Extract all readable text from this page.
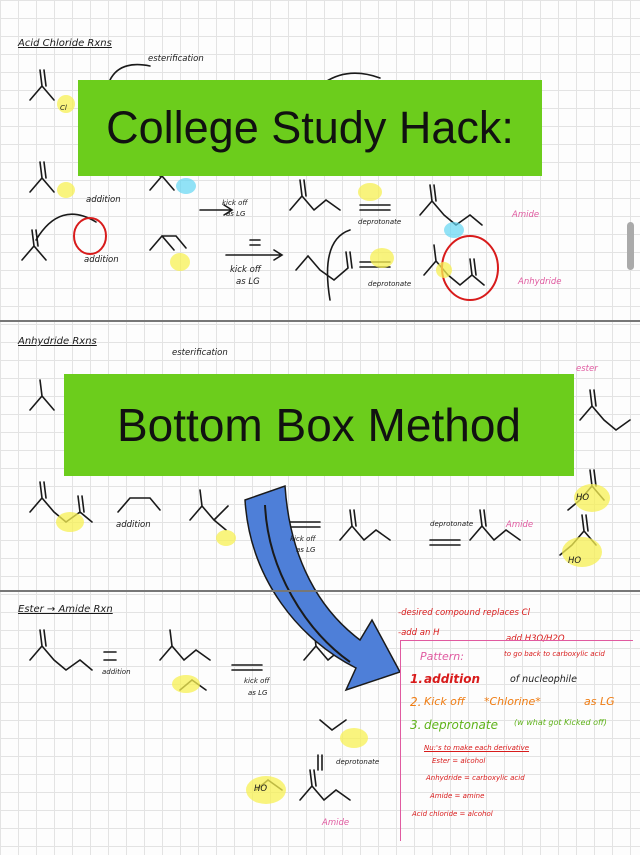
Acid Chloride Rxns
esterification
Cl
addition
addition
kick off
as LG
kick off
as LG
deprotonate
deprotonate
Amide
Anhydride
Anhydride Rxns
esterification
ester
addition
kick off
as LG
deprotonate	Amide
HO
HO
Ester → Amide Rxn
addition
kick off
as LG
deprotonate
HO
Amide
-desired compound replaces Cl
-add an H
add H3O/H2O
to go back to carboxylic acid
Pattern:
1. addition	of nucleophile
2. Kick off *Chlorine*	as LG
3. deprotonate (w what got Kicked off)
Nu:'s to make each derivative
Ester = alcohol
Anhydride = carboxylic acid
Amide = amine
Acid chloride = alcohol
College Study Hack:
Bottom Box Method
